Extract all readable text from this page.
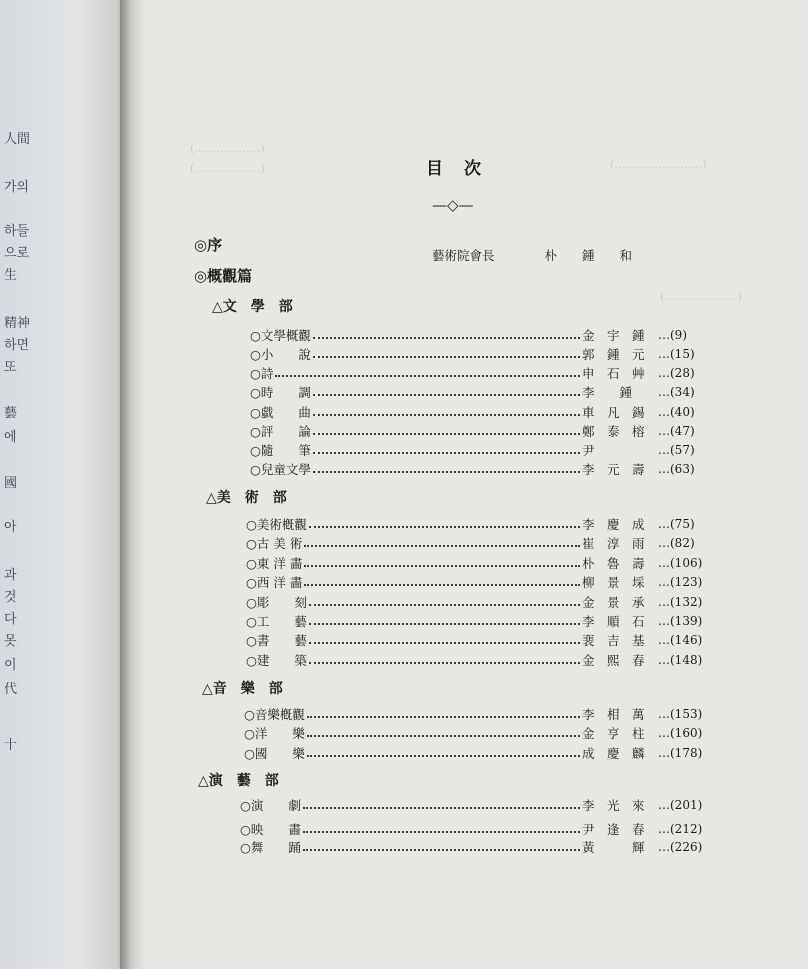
人間
가의
하들
으로
生
精神
하면
또
藝
에
國
아
과
것
다
못
이
代
十
(‥‥‥‥‥‥‥‥‥)
(‥‥‥‥‥‥‥‥‥)	(‥‥‥‥‥‥‥‥‥‥‥‥)
(‥‥‥‥‥‥‥‥‥‥)
目　次
—◇—
◎序
藝術院會長　　　　朴　　鍾　　和
◎概觀篇
△文　學　部
○文學概觀	金　宇　鍾 …(9)
○小　　說	郭　鍾　元 …(15)
○詩	申　石　艸 …(28)
○時　　調	李　　鍾 …(34)
○戱　　曲	車　凡　錫 …(40)
○評　　論	鄭　泰　榕 …(47)
○隨　　筆	尹　　　 …(57)
○兒童文學	李　元　壽 …(63)
△美　術　部
○美術槪觀	李　慶　成 …(75)
○古 美 術	崔　淳　雨 …(82)
○東 洋 畵	朴　魯　壽 …(106)
○西 洋 畵	柳　景　埰 …(123)
○彫　　刻	金　景　承 …(132)
○工　　藝	李　順　石 …(139)
○書　　藝	裵　吉　基 …(146)
○建　　築	金　熙　春 …(148)
△音　樂　部
○音樂槪觀	李　相　萬 …(153)
○洋　　樂	金　亨　柱 …(160)
○國　　樂	成　慶　麟 …(178)
△演　藝　部
○演　　劇	李　光　來 …(201)
○映　　畵	尹　逢　春 …(212)
○舞　　踊	黃　　　輝 …(226)
